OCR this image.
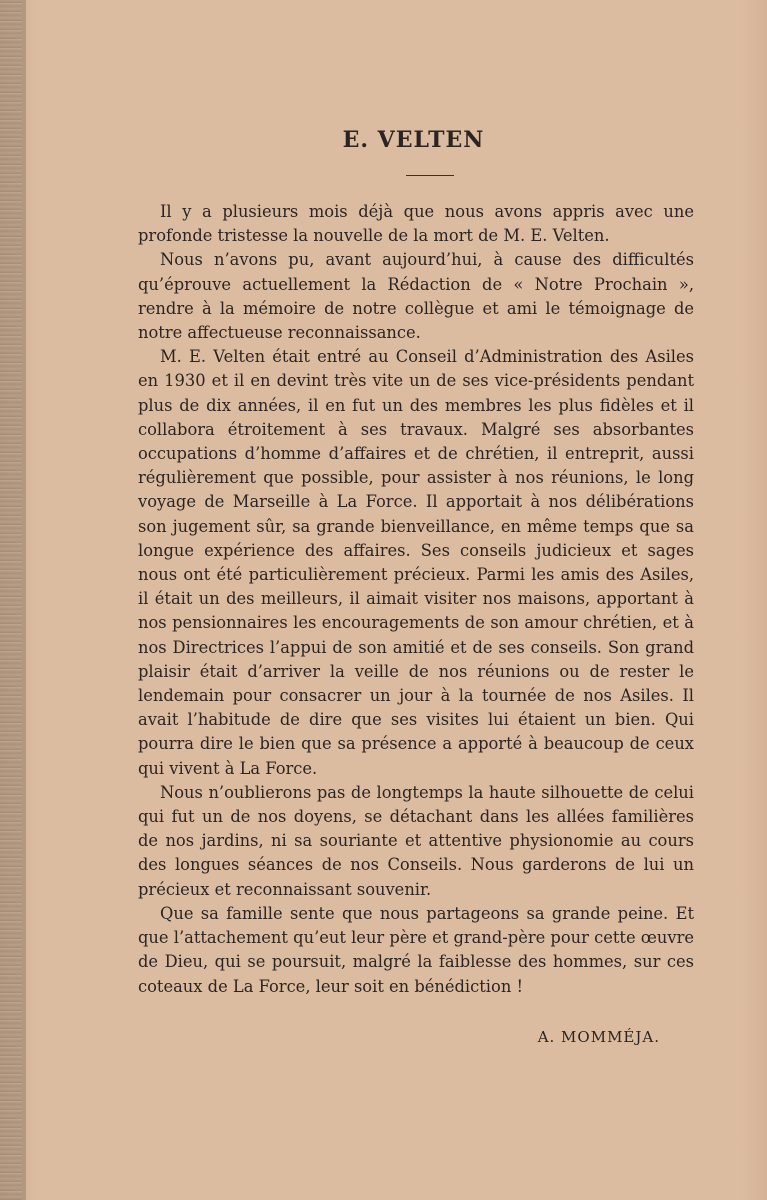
E. VELTEN

Il y a plusieurs mois déjà que nous avons appris avec une profonde tristesse la nouvelle de la mort de M. E. Velten.

Nous n’avons pu, avant aujourd’hui, à cause des difficultés qu’éprouve actuellement la Rédaction de « Notre Prochain », rendre à la mémoire de notre collègue et ami le témoignage de notre affectueuse reconnaissance.

M. E. Velten était entré au Conseil d’Administration des Asiles en 1930 et il en devint très vite un de ses vice-présidents pendant plus de dix années, il en fut un des membres les plus fidèles et il collabora étroitement à ses travaux. Malgré ses absorbantes occupations d’homme d’affaires et de chrétien, il entreprit, aussi régulièrement que possible, pour assister à nos réunions, le long voyage de Marseille à La Force. Il apportait à nos délibérations son jugement sûr, sa grande bienveillance, en même temps que sa longue expérience des affaires. Ses conseils judicieux et sages nous ont été particulièrement précieux. Parmi les amis des Asiles, il était un des meilleurs, il aimait visiter nos maisons, apportant à nos pensionnaires les encouragements de son amour chrétien, et à nos Directrices l’appui de son amitié et de ses conseils. Son grand plaisir était d’arriver la veille de nos réunions ou de rester le lendemain pour consacrer un jour à la tournée de nos Asiles. Il avait l’habitude de dire que ses visites lui étaient un bien. Qui pourra dire le bien que sa présence a apporté à beaucoup de ceux qui vivent à La Force.

Nous n’oublierons pas de longtemps la haute silhouette de celui qui fut un de nos doyens, se détachant dans les allées familières de nos jardins, ni sa souriante et attentive physionomie au cours des longues séances de nos Conseils. Nous garderons de lui un précieux et reconnaissant souvenir.

Que sa famille sente que nous partageons sa grande peine. Et que l’attachement qu’eut leur père et grand-père pour cette œuvre de Dieu, qui se poursuit, malgré la faiblesse des hommes, sur ces coteaux de La Force, leur soit en bénédiction !

A. MOMMÉJA.
